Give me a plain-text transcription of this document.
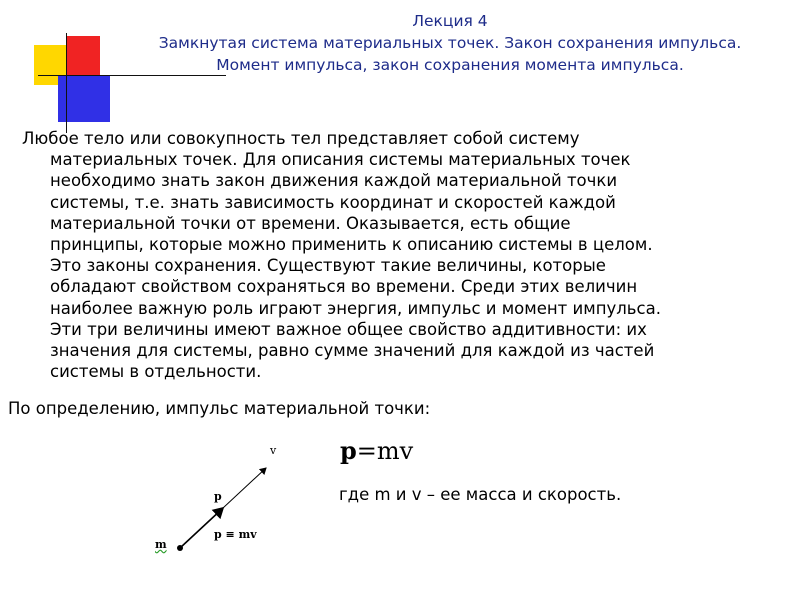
Лекция 4
Замкнутая система материальных точек. Закон сохранения импульса.
Момент импульса, закон сохранения момента импульса.
Любое тело или совокупность тел представляет собой систему
материальных точек. Для описания системы материальных точек
необходимо знать закон движения каждой материальной точки
системы, т.е. знать зависимость координат и скоростей каждой
материальной точки от времени. Оказывается, есть общие
принципы, которые можно применить к описанию системы в целом.
Это законы сохранения. Существуют такие величины, которые
обладают свойством сохраняться во времени. Среди этих величин
наиболее важную роль играют энергия, импульс и момент импульса.
Эти три величины имеют важное общее свойство аддитивности: их
значения для системы, равно сумме значений для каждой из частей
системы в отдельности.
По определению, импульс материальной точки:
p=mv
где m и v – ее масса и скорость.
v
p
p ≡ mv
m
